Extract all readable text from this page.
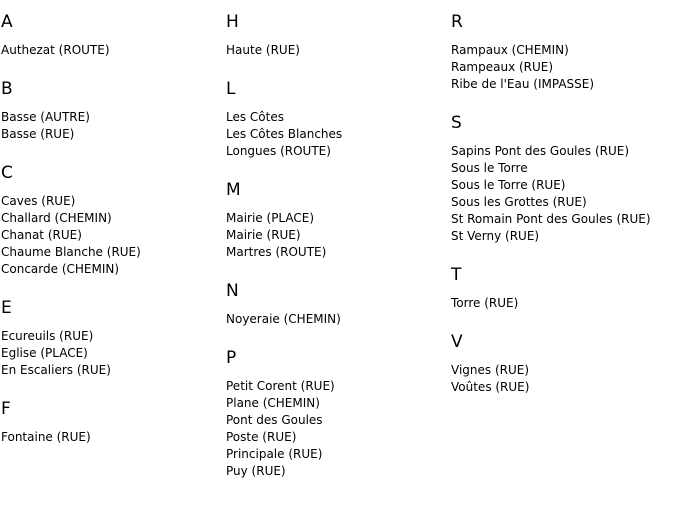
A
Authezat (ROUTE)
B
Basse (AUTRE)
Basse (RUE)
C
Caves (RUE)
Challard (CHEMIN)
Chanat (RUE)
Chaume Blanche (RUE)
Concarde (CHEMIN)
E
Ecureuils (RUE)
Eglise (PLACE)
En Escaliers (RUE)
F
Fontaine (RUE)
H
Haute (RUE)
L
Les Côtes
Les Côtes Blanches
Longues (ROUTE)
M
Mairie (PLACE)
Mairie (RUE)
Martres (ROUTE)
N
Noyeraie (CHEMIN)
P
Petit Corent (RUE)
Plane (CHEMIN)
Pont des Goules
Poste (RUE)
Principale (RUE)
Puy (RUE)
R
Rampaux (CHEMIN)
Rampeaux (RUE)
Ribe de l'Eau (IMPASSE)
S
Sapins Pont des Goules (RUE)
Sous le Torre
Sous le Torre (RUE)
Sous les Grottes (RUE)
St Romain Pont des Goules (RUE)
St Verny (RUE)
T
Torre (RUE)
V
Vignes (RUE)
Voûtes (RUE)
